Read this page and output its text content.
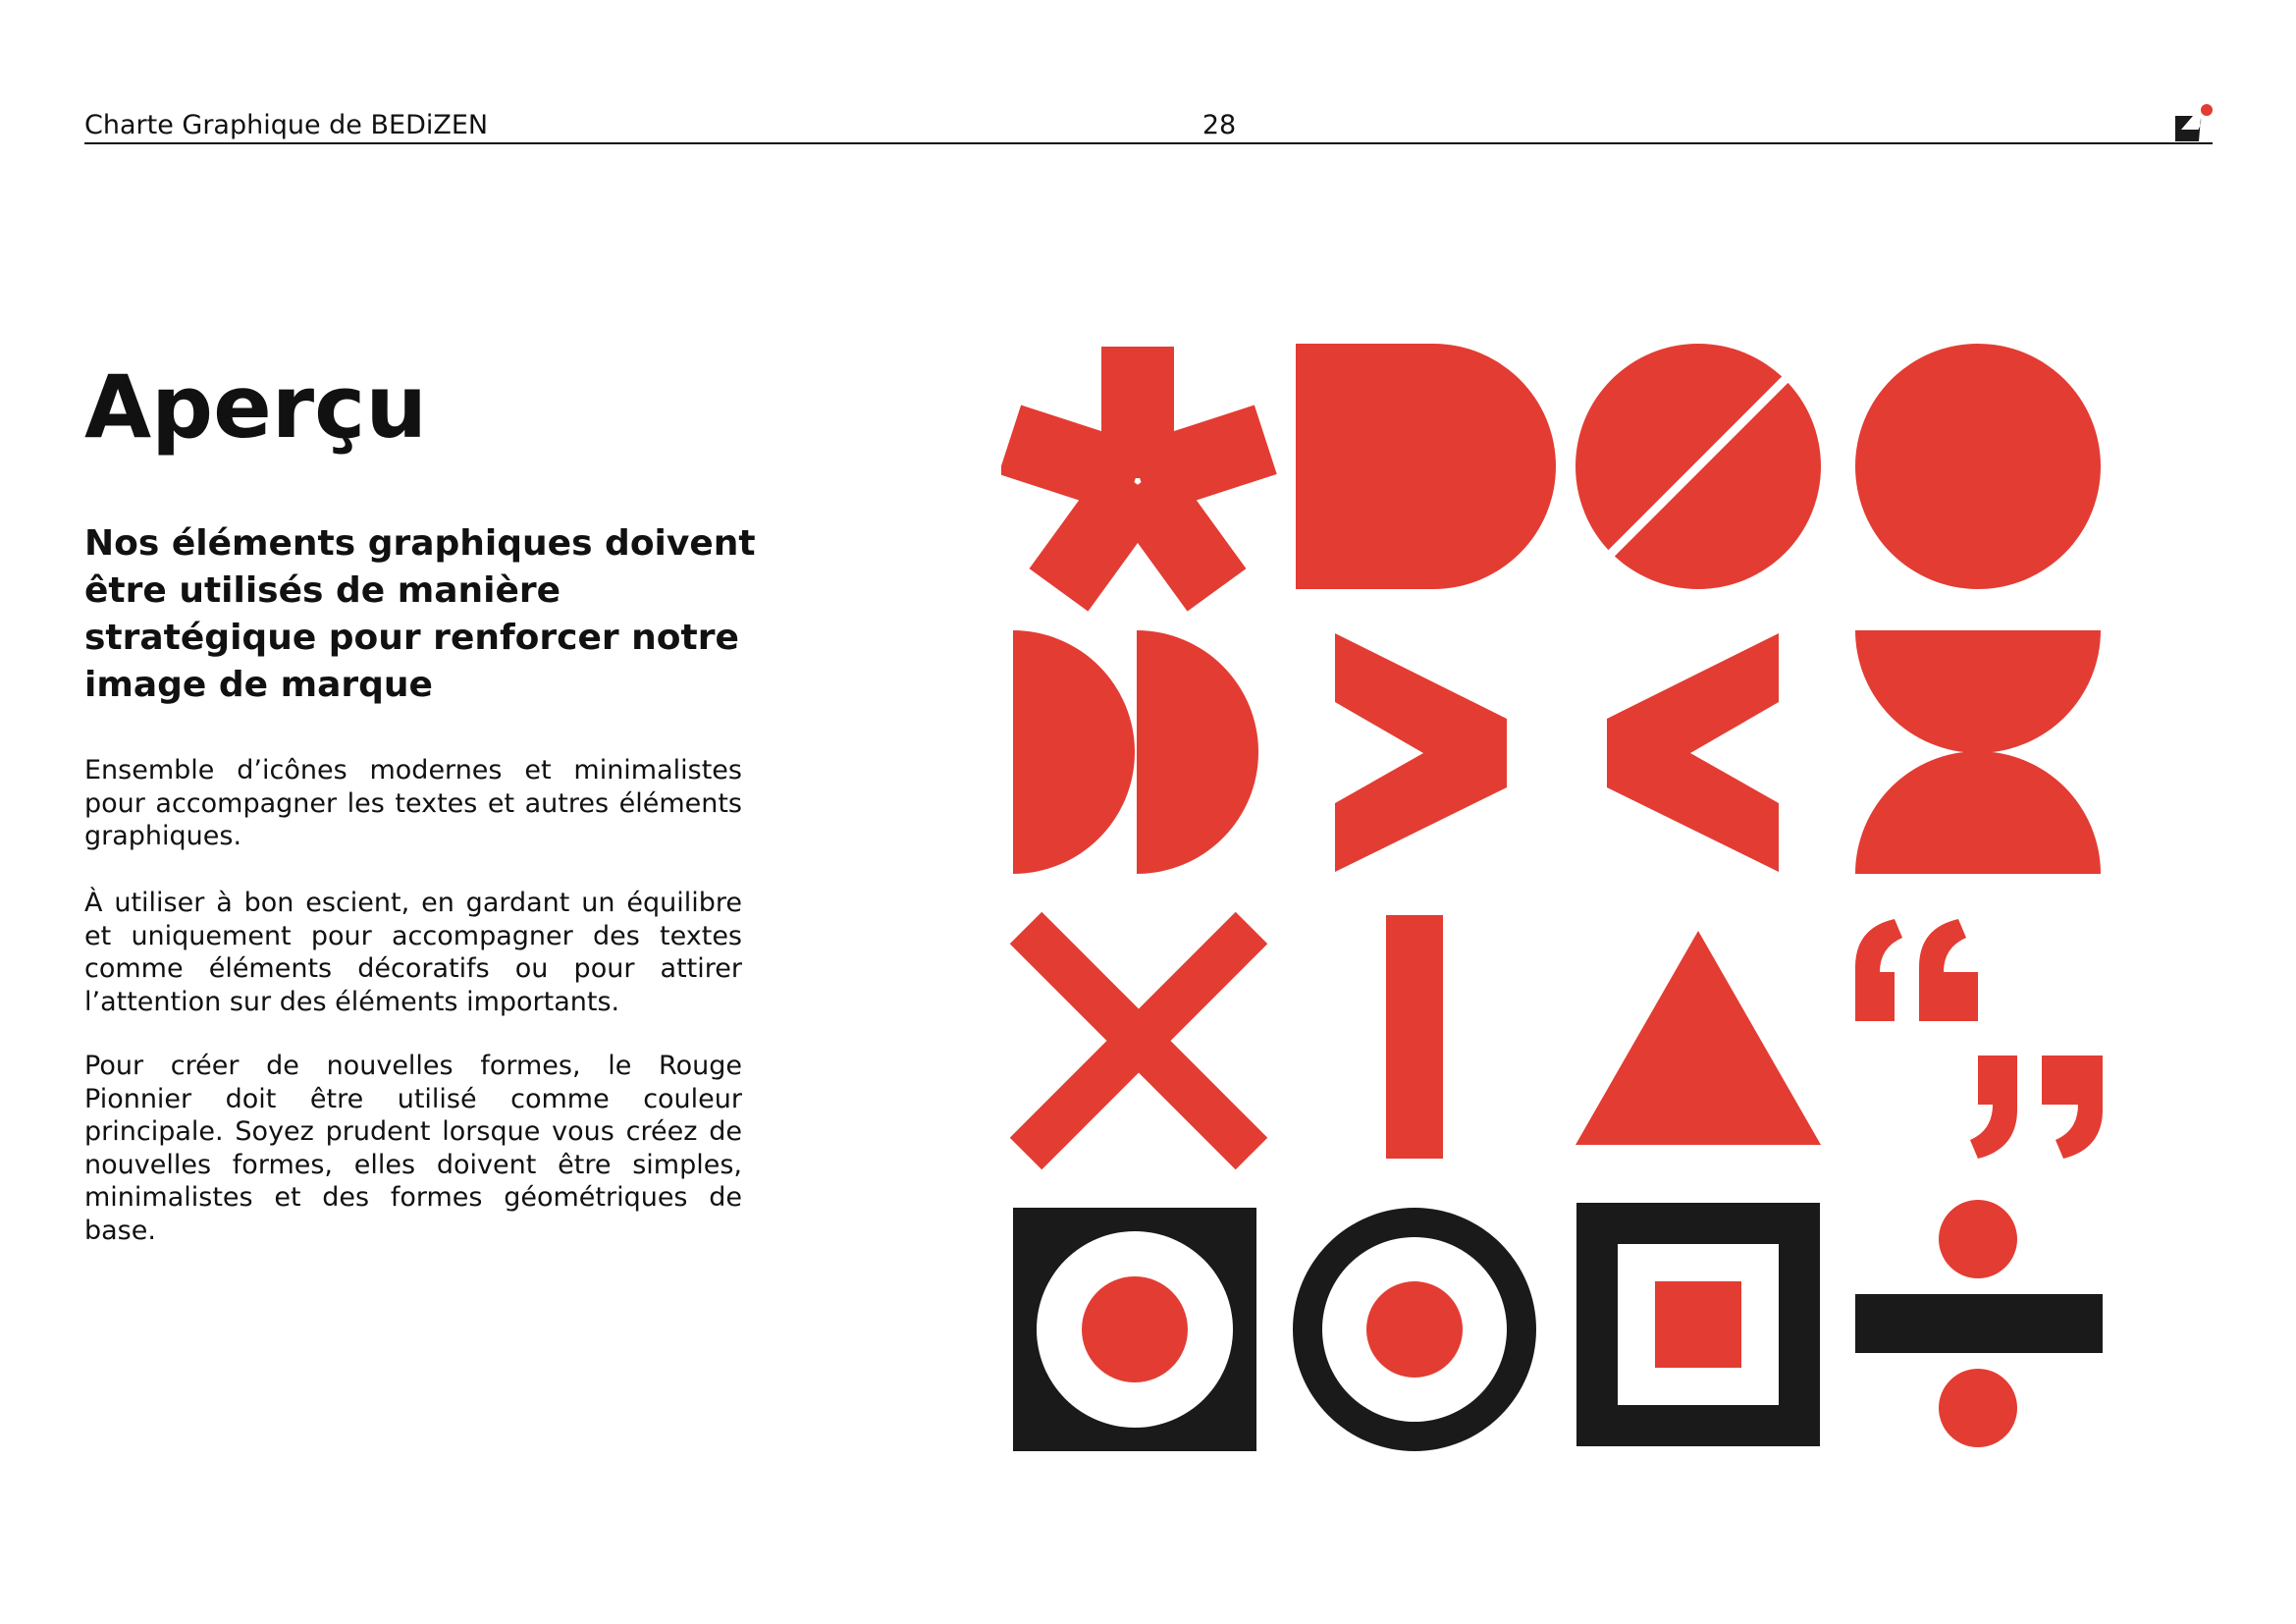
Charte Graphique de BEDiZEN	28
Aperçu
Nos éléments graphiques doivent être utilisés de manière stratégique pour renforcer notre image de marque

Ensemble d’icônes modernes et minimalistes pour accompagner les textes et autres éléments graphiques.

À utiliser à bon escient, en gardant un équilibre et uniquement pour accompagner des textes comme éléments décoratifs ou pour attirer l’attention sur des éléments importants.

Pour créer de nouvelles formes, le Rouge Pionnier doit être utilisé comme couleur principale. Soyez prudent lorsque vous créez de nouvelles formes, elles doivent être simples, minimalistes et des formes géométriques de base.
